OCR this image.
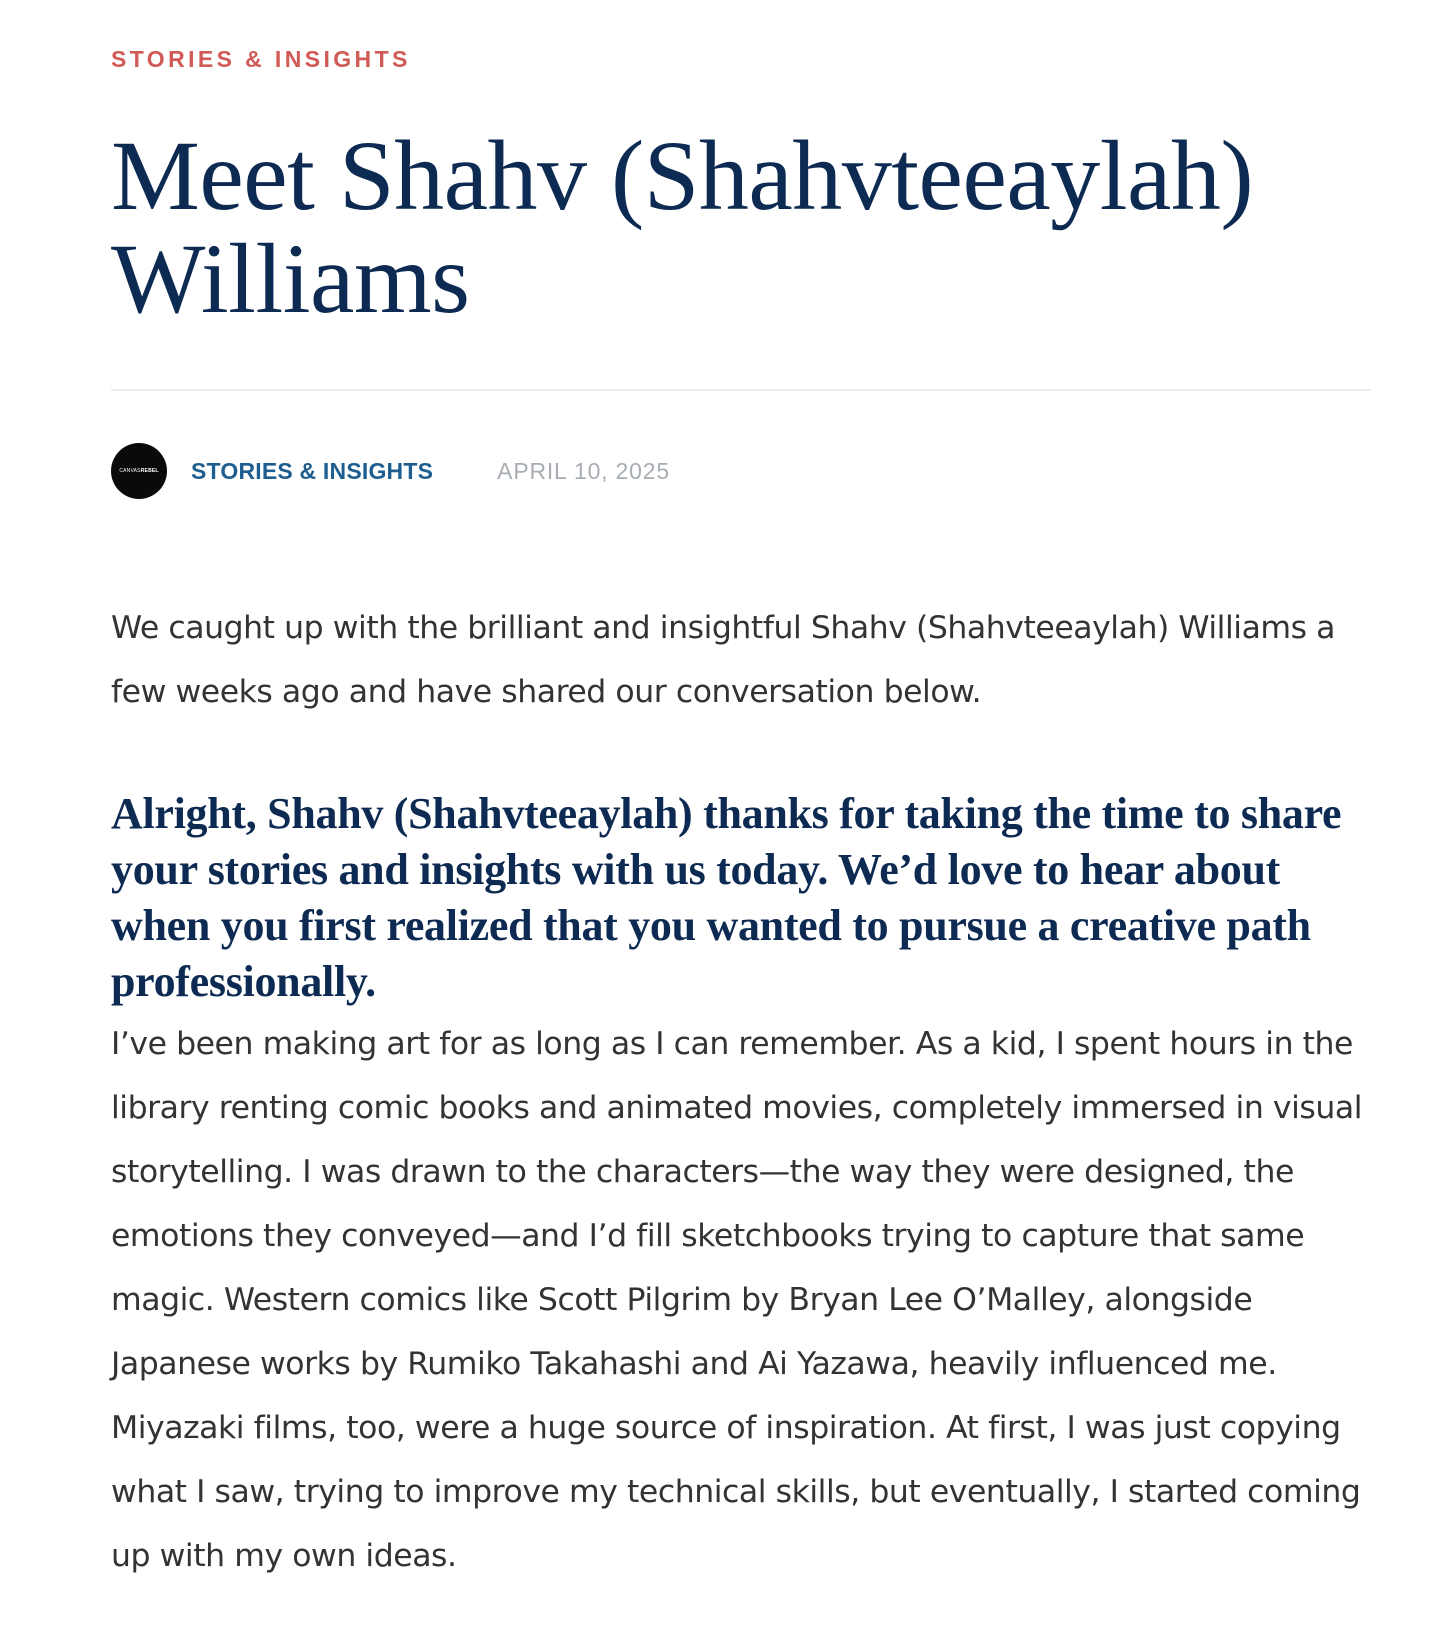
STORIES & INSIGHTS
Meet Shahv (Shahvteeaylah) Williams
CANVASREBEL STORIES & INSIGHTS	APRIL 10, 2025

We caught up with the brilliant and insightful Shahv (Shahvteeaylah) Williams a few weeks ago and have shared our conversation below.

Alright, Shahv (Shahvteeaylah) thanks for taking the time to share your stories and insights with us today. We’d love to hear about when you first realized that you wanted to pursue a creative path professionally.

I’ve been making art for as long as I can remember. As a kid, I spent hours in the library renting comic books and animated movies, completely immersed in visual storytelling. I was drawn to the characters—the way they were designed, the emotions they conveyed—and I’d fill sketchbooks trying to capture that same magic. Western comics like Scott Pilgrim by Bryan Lee O’Malley, alongside Japanese works by Rumiko Takahashi and Ai Yazawa, heavily influenced me. Miyazaki films, too, were a huge source of inspiration. At first, I was just copying what I saw, trying to improve my technical skills, but eventually, I started coming up with my own ideas.
